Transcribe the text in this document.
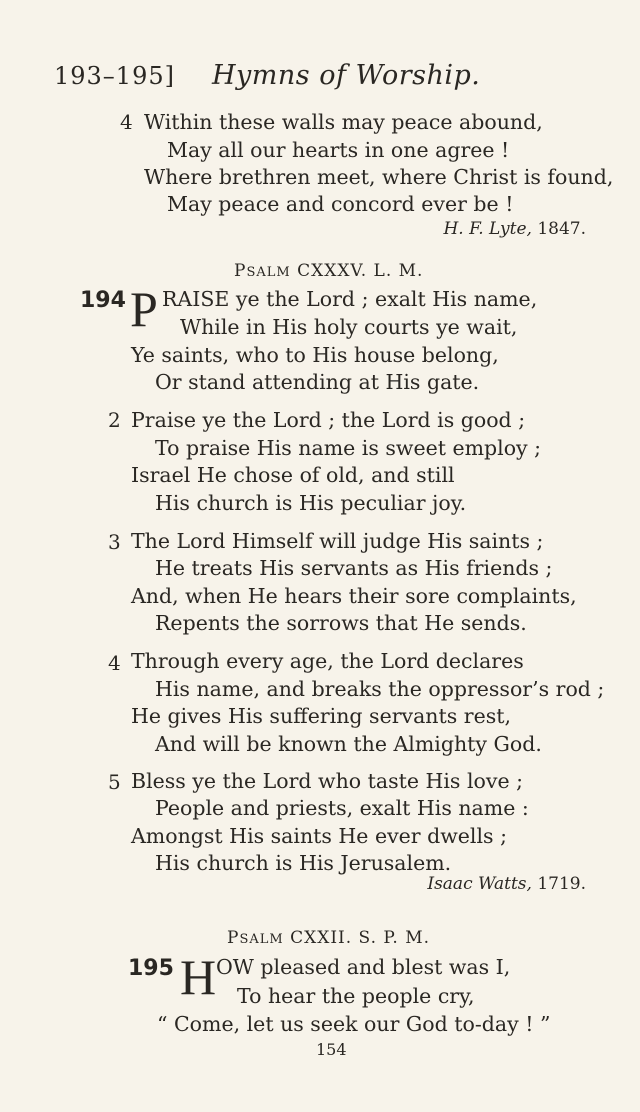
193–195] Hymns of Worship.
4 Within these walls may peace abound,
May all our hearts in one agree !
Where brethren meet, where Christ is found,
May peace and concord ever be !
H. F. Lyte, 1847.
PSALM CXXXV. L. M.
194 P RAISE ye the Lord ; exalt His name,
While in His holy courts ye wait,
Ye saints, who to His house belong,
Or stand attending at His gate.
2 Praise ye the Lord ; the Lord is good ;
To praise His name is sweet employ ;
Israel He chose of old, and still
His church is His peculiar joy.
3 The Lord Himself will judge His saints ;
He treats His servants as His friends ;
And, when He hears their sore complaints,
Repents the sorrows that He sends.
4 Through every age, the Lord declares
His name, and breaks the oppressor’s rod ;
He gives His suffering servants rest,
And will be known the Almighty God.
5 Bless ye the Lord who taste His love ;
People and priests, exalt His name :
Amongst His saints He ever dwells ;
His church is His Jerusalem.
Isaac Watts, 1719.
PSALM CXXII. S. P. M.
195 H OW pleased and blest was I,
To hear the people cry,
“ Come, let us seek our God to-day ! ”
154
